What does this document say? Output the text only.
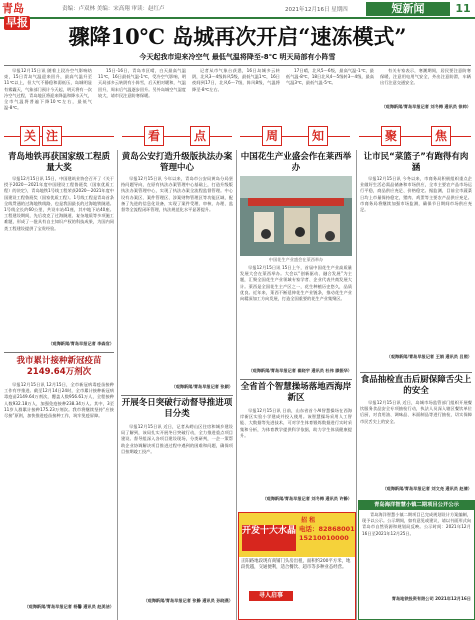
青岛早报
责编：卢双林 美编：宋高翔 审读：赵红卢	2021年12月16日 星期四	短新闻	11
骤降10℃ 岛城再次开启“速冻模式”
今天起我市迎来冷空气 最低气温将降至-8℃ 明天局部有小阵雪
早报12月15日讯 随着上段冷空气影响结束，15日青岛气温迎来回升，最高气温升至11℃以上，但大气不静稳和弱低压，岛城明显有雾霾天，气象部门预计今天起，明天将有一次冷空气过程，青岛地区将迎来降温和降水天气，全市气温将普遍下降10℃左右，最低气温-8℃。
15日-16日，青岛市区晴，白天最高气温11℃，16日最低气温-1℃，受冷空气影响，明天局部多云转阴有小阵雪，后天相对暖和，气温回升，周末后气温逐步回升。另外岛城空气湿度较大，请市民注意防寒保暖。
记者从市气象台获悉，16日岛城多云转阴，北风3～4级阵风5级，最低气温1℃，16日夜间到17日，北风6～7级，阵风8级，气温将降至-8℃左右。
17日晴，北风5～6级，最高气温-1℃，最低气温-8℃，18日北风4～5级转3～4级，最高气温3℃，最低气温-5℃。
有关专家表示，寒潮期间，居民要注意防寒保暖，注意用电用气安全，外出注意防滑，车辆出行注意交通安全。
（观海新闻/青岛早报记者 刘冬梅 通讯员 徐帅）
关 注	看	点	周	知	聚	焦
青岛地铁再获国家级工程质量大奖
早报12月15日讯 15日，中国建筑业协会召开了《关于授予2020～2021年度中国建设工程鲁班奖（国家优质工程）的决定》，青岛地铁1号线工程荣获2020～2021年度中国建设工程鲁班奖（国家优质工程）。1号线工程是青岛首条全线贯通的过海地铁线路，也是我国最长的过海地铁隧道。1号线全长约60公里，共设车站41座，其中地下站40座。工程建设期间，先后攻克了过海隧道、复杂地质等多项施工难题，形成了一批具有自主知识产权的科技成果，为国内同类工程建设提供了宝贵经验。
（观海新闻/青岛早报记者 李森官）
我市累计接种新冠疫苗2149.64万剂次
早报12月15日讯 12月15日，全市新冠病毒疫苗接种工作有序推进。截至12月14日24时，全市累计接种新冠病毒疫苗2149.64万剂次，覆盖人数956.61万人，全程接种人数932.18万人，加强免疫接种238.34万人。其中，3至11岁人群累计接种175.23万剂次。我市将继续坚持“应接尽接”原则，加快推进疫苗接种工作，筑牢免疫屏障。
（观海新闻/青岛早报记者 杨馨 通讯员 赵美洁）
黄岛公安打造升级版执法办案管理中心
早报12月15日讯 今年以来，青岛市公安局黄岛分局坚持问题导向，在原有执法办案管理中心基础上，打造升级版执法办案管理中心，实现了执法办案全流程监督管理。中心设有办案区、案件管理区、涉案财物管理区等功能区域，配备了先进的信息化设备，实现了案件受理、审核、办理、监督等全流程闭环管理，执法规范化水平显著提升。
（观海新闻/青岛早报记者 张颖）
开展冬日突破行动督导推进项目分类
早报12月15日讯 近日，记者从崂山区住房和城乡建设局了解到，该局扎实开展冬日突破行动，全力推进重点项目建设。督导组深入各项目建设现场，分类研判，一企一策帮助企业协调解决项目推进过程中遇到的困难和问题，确保项目按期竣工投产。
（观海新闻/青岛早报记者 张静 通讯员 孙晓燕）
中国花生产业盛会作在莱西举办
中国花生产业盛会在莱西举办
早报12月15日讯 15日上午，首届中国花生产业高质量发展大会在莱西举办。大会以“创新驱动、融合发展”为主题，汇聚全国花生产业领域专家学者、企业代表共商发展大计。莱西是全国花生主产区之一，花生种植历史悠久，品质优良。近年来，莱西不断延伸花生产业链条，推动花生产业向精深加工方向发展，打造全国重要的花生产业集聚区。
（观海新闻/青岛早报记者 崔晓宇 通讯员 杜伟 滕振华）
全省首个智慧操场落地西海岸新区
早报12月15日讯 日前，山东省首个AI智慧操场在西海岸新区实验小学建成并投入使用。该智慧操场采用人工智能、大数据等先进技术，可对学生体育锻炼数据进行实时采集和分析，为体育教学提供科学依据，助力学生体质健康提升。
（观海新闻/青岛早报记者 刘冬梅 通讯员 许静）
招 租
开发十大水晶 电话：82868001 15210010000
正阳路地段现有商铺门头房出租，面积约200平方米，地段优越，交通便利，适合餐饮、超市等多种业态经营。
寻人启事
让市民“菜篮子”有跑得有肉涵
早报12月15日讯 今冬以来，市商务局积极组织重点企业做好生活必需品储备和市场供应，全市主要农产品市场运行平稳，商品供应充足、价格稳定。据监测，目前全市蔬菜日均上市量保持稳定，猪肉、鸡蛋等主要农产品供应充足。市商务局将继续加强市场监测，确保节日期间市场供应充足。
（观海新闻/青岛早报记者 王娟 通讯员 吕照）
食品抽检直击后厨保障舌尖上的安全
早报12月15日讯 近日，岛城市场监管部门组织开展餐饮服务食品安全专项抽检行动，执法人员深入辖区餐饮单位后厨，对食用油、调味品、米面制品等进行抽检，切实保障市民舌尖上的安全。
（观海新闻/青岛早报记者 刘文尧 通讯员 赵倩）
青岛海洋智慧小镇二期项目公开公示
青岛海洋智慧小镇二期项目已完成规划设计方案编制，现予以公示。公示期间，如有意见或建议，请以书面形式向青岛市自然资源和规划局反映。公示时间：2021年12月16日至2021年12月25日。
青岛地铁投资有限公司 2021年12月16日
